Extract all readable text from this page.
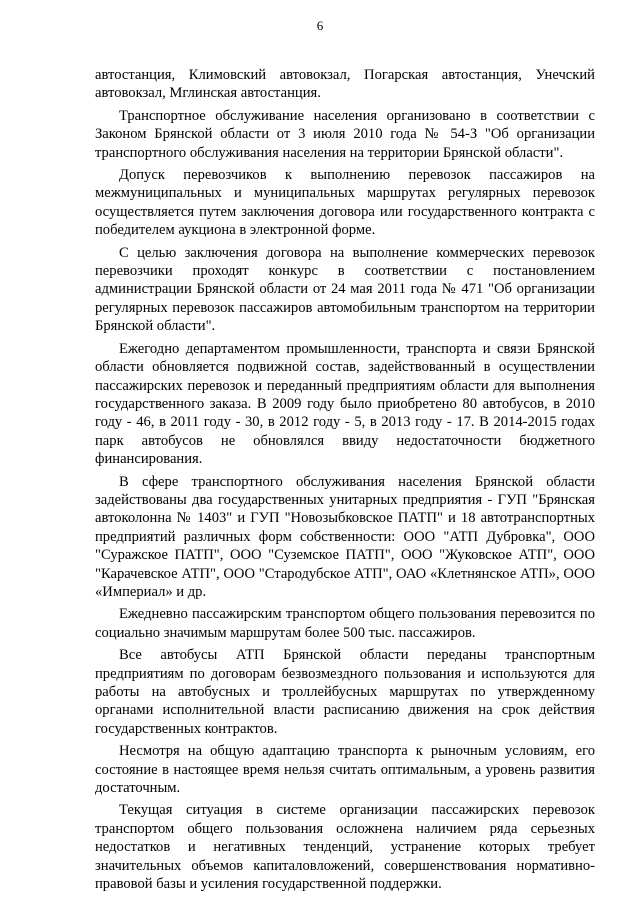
6

автостанция, Климовский автовокзал, Погарская автостанция, Унечский автовокзал, Мглинская автостанция.

Транспортное обслуживание населения организовано в соответствии с Законом Брянской области от 3 июля 2010 года № 54-З "Об организации транспортного обслуживания населения на территории Брянской области".

Допуск перевозчиков к выполнению перевозок пассажиров на межмуниципальных и муниципальных маршрутах регулярных перевозок осуществляется путем заключения договора или государственного контракта с победителем аукциона в электронной форме.

С целью заключения договора на выполнение коммерческих перевозок перевозчики проходят конкурс в соответствии с постановлением администрации Брянской области от 24 мая 2011 года № 471 "Об организации регулярных перевозок пассажиров автомобильным транспортом на территории Брянской области".

Ежегодно департаментом промышленности, транспорта и связи Брянской области обновляется подвижной состав, задействованный в осуществлении пассажирских перевозок и переданный предприятиям области для выполнения государственного заказа. В 2009 году было приобретено 80 автобусов, в 2010 году - 46, в 2011 году - 30, в 2012 году - 5, в 2013 году - 17. В 2014-2015 годах парк автобусов не обновлялся ввиду недостаточности бюджетного финансирования.

В сфере транспортного обслуживания населения Брянской области задействованы два государственных унитарных предприятия - ГУП "Брянская автоколонна № 1403" и ГУП "Новозыбковское ПАТП" и 18 автотранспортных предприятий различных форм собственности: ООО "АТП Дубровка", ООО "Суражское ПАТП", ООО "Суземское ПАТП", ООО "Жуковское АТП", ООО "Карачевское АТП", ООО "Стародубское АТП", ОАО «Клетнянское АТП», ООО «Империал» и др.

Ежедневно пассажирским транспортом общего пользования перевозится по социально значимым маршрутам более 500 тыс. пассажиров.

Все автобусы АТП Брянской области переданы транспортным предприятиям по договорам безвозмездного пользования и используются для работы на автобусных и троллейбусных маршрутах по утвержденному органами исполнительной власти расписанию движения на срок действия государственных контрактов.

Несмотря на общую адаптацию транспорта к рыночным условиям, его состояние в настоящее время нельзя считать оптимальным, а уровень развития достаточным.

Текущая ситуация в системе организации пассажирских перевозок транспортом общего пользования осложнена наличием ряда серьезных недостатков и негативных тенденций, устранение которых требует значительных объемов капиталовложений, совершенствования нормативно-правовой базы и усиления государственной поддержки.
